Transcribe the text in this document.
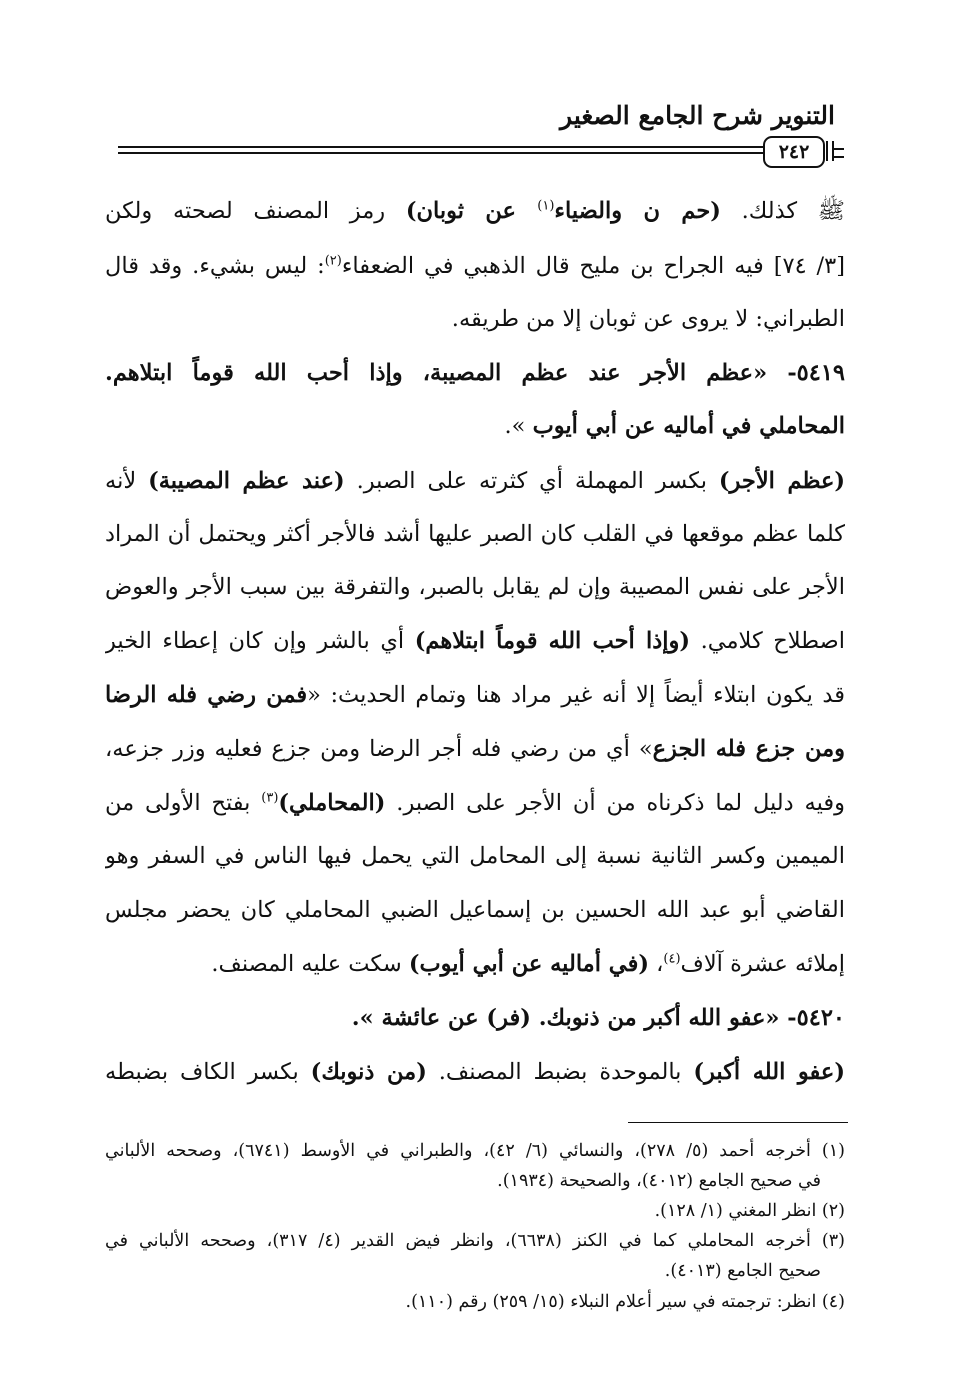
التنوير شرح الجامع الصغير
٢٤٢
ﷺ كذلك. (حم ن والضياء$^{(١)}$ عن ثوبان) رمز المصنف لصحته ولكن
[٣/ ٧٤] فيه الجراح بن مليح قال الذهبي في الضعفاء$^{(٢)}$: ليس بشيء. وقد قال
الطبراني: لا يروى عن ثوبان إلا من طريقه.
٥٤١٩- «عظم الأجر عند عظم المصيبة، وإذا أحب الله قوماً ابتلاهم.
المحاملي في أماليه عن أبي أيوب ».
(عظم الأجر) بكسر المهملة أي كثرته على الصبر. (عند عظم المصيبة) لأنه
كلما عظم موقعها في القلب كان الصبر عليها أشد فالأجر أكثر ويحتمل أن المراد
الأجر على نفس المصيبة وإن لم يقابل بالصبر، والتفرقة بين سبب الأجر والعوض
اصطلاح كلامي. (وإذا أحب الله قوماً ابتلاهم) أي بالشر وإن كان إعطاء الخير
قد يكون ابتلاء أيضاً إلا أنه غير مراد هنا وتمام الحديث: «فمن رضي فله الرضا
ومن جزع فله الجزع» أي من رضي فله أجر الرضا ومن جزع فعليه وزر جزعه،
وفيه دليل لما ذكرناه من أن الأجر على الصبر. (المحاملي)$^{(٣)}$ بفتح الأولى من
الميمين وكسر الثانية نسبة إلى المحامل التي يحمل فيها الناس في السفر وهو
القاضي أبو عبد الله الحسين بن إسماعيل الضبي المحاملي كان يحضر مجلس
إملائه عشرة آلاف$^{(٤)}$، (في أماليه عن أبي أيوب) سكت عليه المصنف.
٥٤٢٠- «عفو الله أكبر من ذنوبك. (فر) عن عائشة ».
(عفو الله أكبر) بالموحدة بضبط المصنف. (من ذنوبك) بكسر الكاف بضبطه
(١) أخرجه أحمد (٥/ ٢٧٨)، والنسائي (٦/ ٤٢)، والطبراني في الأوسط (٦٧٤١)، وصححه الألباني
في صحيح الجامع (٤٠١٢)، والصحيحة (١٩٣٤).
(٢) انظر المغني (١/ ١٢٨).
(٣) أخرجه المحاملي كما في الكنز (٦٦٣٨)، وانظر فيض القدير (٤/ ٣١٧)، وصححه الألباني في
صحيح الجامع (٤٠١٣).
(٤) انظر: ترجمته في سير أعلام النبلاء (١٥/ ٢٥٩) رقم (١١٠).
